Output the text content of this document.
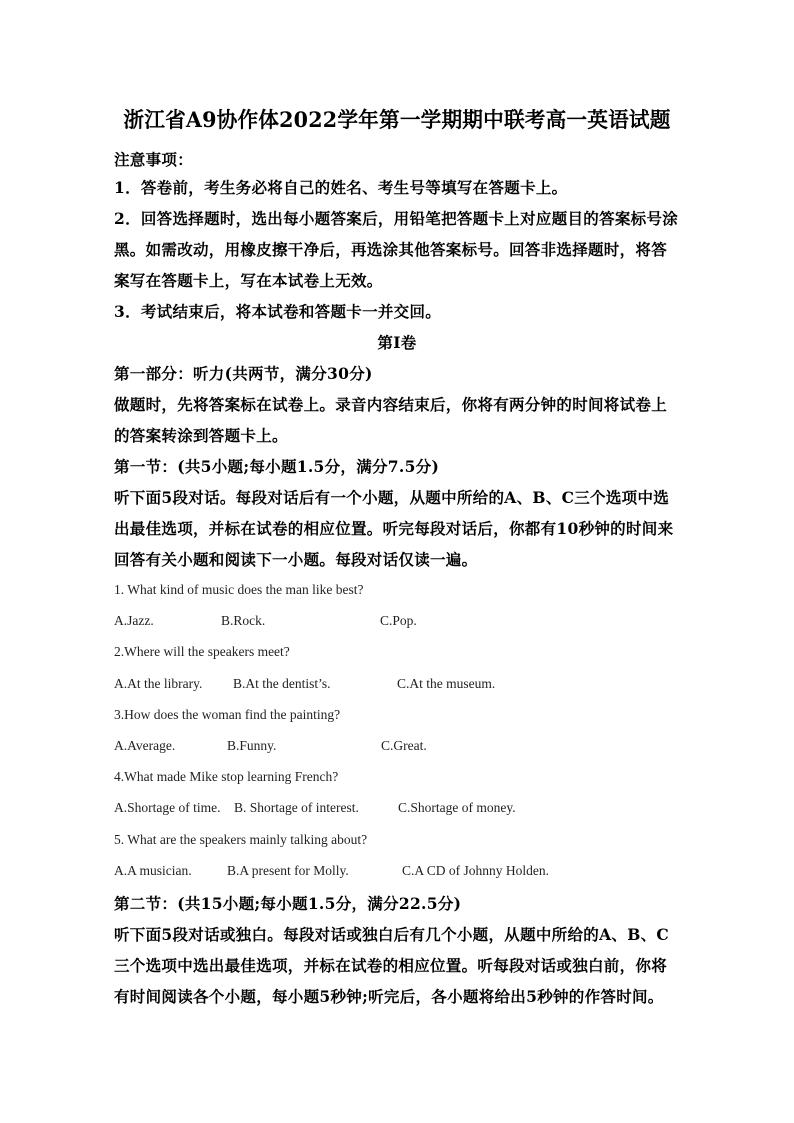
浙江省A9协作体2022学年第一学期期中联考高一英语试题
注意事项：
1．答卷前，考生务必将自己的姓名、考生号等填写在答题卡上。
2．回答选择题时，选出每小题答案后，用铅笔把答题卡上对应题目的答案标号涂
黑。如需改动，用橡皮擦干净后，再选涂其他答案标号。回答非选择题时，将答
案写在答题卡上，写在本试卷上无效。
3．考试结束后，将本试卷和答题卡一并交回。
第I卷
第一部分：听力(共两节，满分30分)
做题时，先将答案标在试卷上。录音内容结束后，你将有两分钟的时间将试卷上
的答案转涂到答题卡上。
第一节：(共5小题;每小题1.5分，满分7.5分)
听下面5段对话。每段对话后有一个小题，从题中所给的A、B、C三个选项中选
出最佳选项，并标在试卷的相应位置。听完每段对话后，你都有10秒钟的时间来
回答有关小题和阅读下一小题。每段对话仅读一遍。
1. What kind of music does the man like best?
A.Jazz.	B.Rock.	C.Pop.
2.Where will the speakers meet?
A.At the library. B.At the dentist’s.	C.At the museum.
3.How does the woman find the painting?
A.Average.	B.Funny.	C.Great.
4.What made Mike stop learning French?
A.Shortage of time. B. Shortage of interest.	C.Shortage of money.
5. What are the speakers mainly talking about?
A.A musician.	B.A present for Molly.	C.A CD of Johnny Holden.
第二节：(共15小题;每小题1.5分，满分22.5分)
听下面5段对话或独白。每段对话或独白后有几个小题，从题中所给的A、B、C
三个选项中选出最佳选项，并标在试卷的相应位置。听每段对话或独白前，你将
有时间阅读各个小题，每小题5秒钟;听完后，各小题将给出5秒钟的作答时间。
